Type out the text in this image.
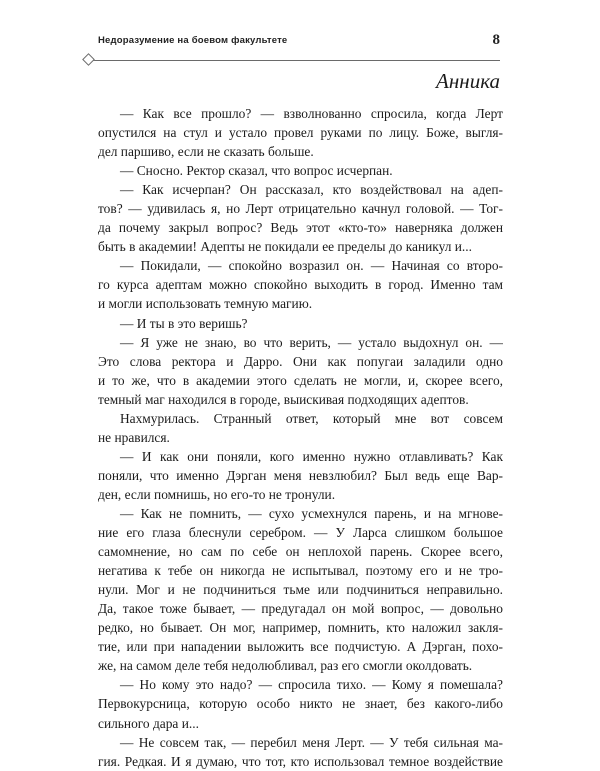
Недоразумение на боевом факультете	8
Анника
— Как все прошло? — взволнованно спросила, когда Лерт
опустился на стул и устало провел руками по лицу. Боже, выгля-
дел паршиво, если не сказать больше.
— Сносно. Ректор сказал, что вопрос исчерпан.
— Как исчерпан? Он рассказал, кто воздействовал на адеп-
тов? — удивилась я, но Лерт отрицательно качнул головой. — Тог-
да почему закрыл вопрос? Ведь этот «кто-то» наверняка должен
быть в академии! Адепты не покидали ее пределы до каникул и...
— Покидали, — спокойно возразил он. — Начиная со второ-
го курса адептам можно спокойно выходить в город. Именно там
и могли использовать темную магию.
— И ты в это веришь?
— Я уже не знаю, во что верить, — устало выдохнул он. —
Это слова ректора и Дарро. Они как попугаи заладили одно
и то же, что в академии этого сделать не могли, и, скорее всего,
темный маг находился в городе, выискивая подходящих адептов.
Нахмурилась. Странный ответ, который мне вот совсем
не нравился.
— И как они поняли, кого именно нужно отлавливать? Как
поняли, что именно Дэрган меня невзлюбил? Был ведь еще Вар-
ден, если помнишь, но его-то не тронули.
— Как не помнить, — сухо усмехнулся парень, и на мгнове-
ние его глаза блеснули серебром. — У Ларса слишком большое
самомнение, но сам по себе он неплохой парень. Скорее всего,
негатива к тебе он никогда не испытывал, поэтому его и не тро-
нули. Мог и не подчиниться тьме или подчиниться неправильно.
Да, такое тоже бывает, — предугадал он мой вопрос, — довольно
редко, но бывает. Он мог, например, помнить, кто наложил закля-
тие, или при нападении выложить все подчистую. А Дэрган, похо-
же, на самом деле тебя недолюбливал, раз его смогли околдовать.
— Но кому это надо? — спросила тихо. — Кому я помешала?
Первокурсница, которую особо никто не знает, без какого-либо
сильного дара и...
— Не совсем так, — перебил меня Лерт. — У тебя сильная ма-
гия. Редкая. И я думаю, что тот, кто использовал темное воздействие
